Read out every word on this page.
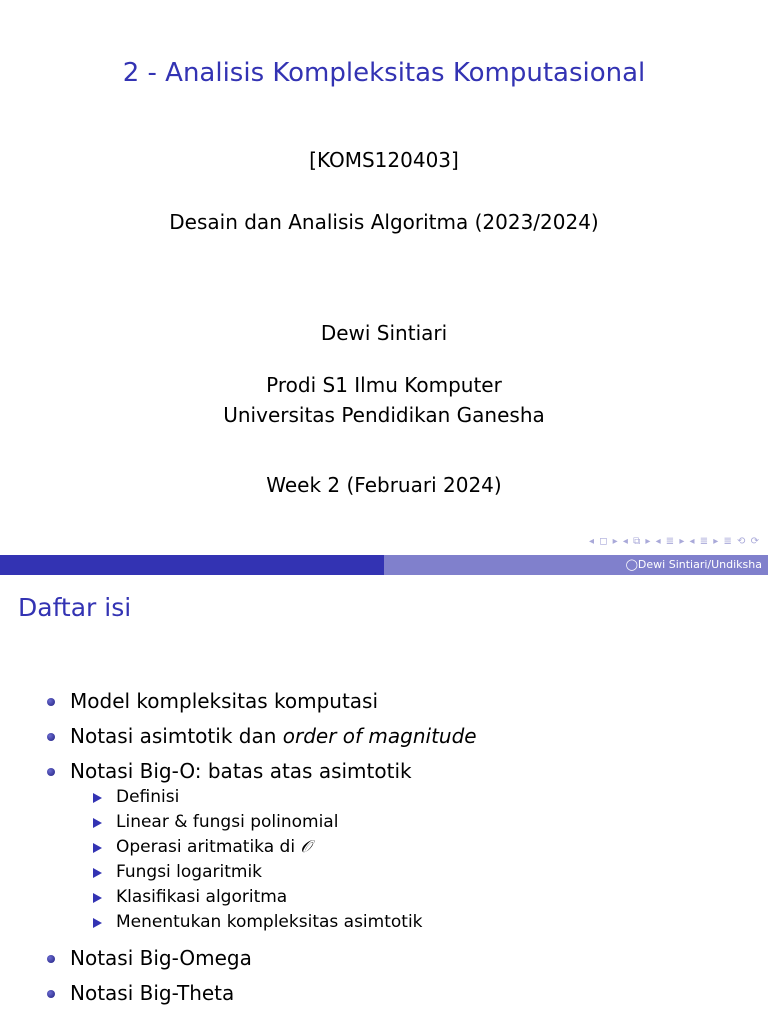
2 - Analisis Kompleksitas Komputasional
[KOMS120403]
Desain dan Analisis Algoritma (2023/2024)
Dewi Sintiari
Prodi S1 Ilmu Komputer
Universitas Pendidikan Ganesha
Week 2 (Februari 2024)
◂ ◻ ▸ ◂ ⧉ ▸ ◂ ≣ ▸ ◂ ≣ ▸ ≣ ⟲ ⟳
◯Dewi Sintiari/Undiksha
Daftar isi
Model kompleksitas komputasi
Notasi asimtotik dan order of magnitude
Notasi Big-O: batas atas asimtotik
Definisi
Linear & fungsi polinomial
Operasi aritmatika di 𝒪
Fungsi logaritmik
Klasifikasi algoritma
Menentukan kompleksitas asimtotik
Notasi Big-Omega
Notasi Big-Theta
